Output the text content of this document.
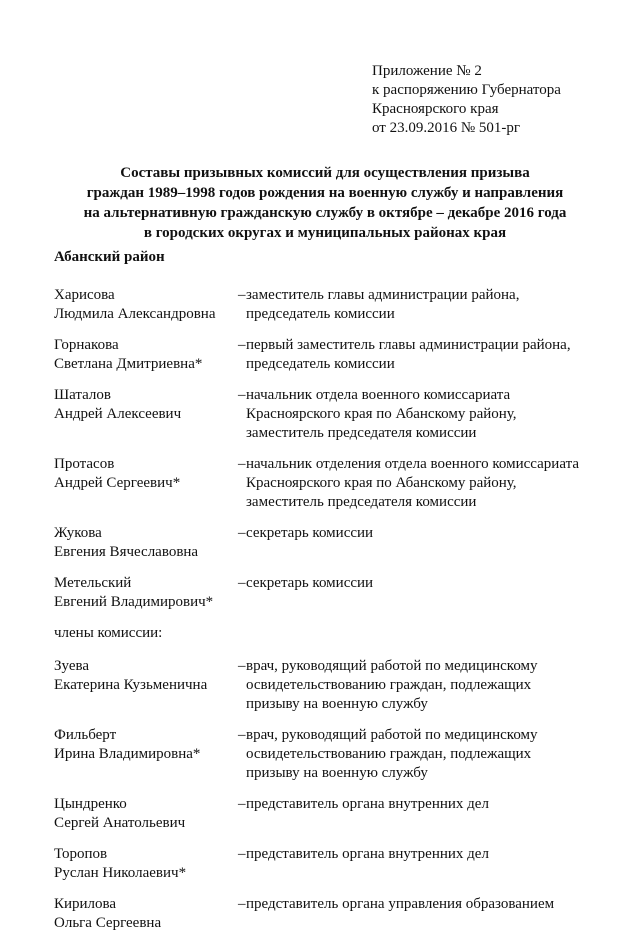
Приложение № 2
к распоряжению Губернатора
Красноярского края
от 23.09.2016 № 501-рг
Составы призывных комиссий для осуществления призыва
граждан 1989–1998 годов рождения на военную службу и направления
на альтернативную гражданскую службу в октябре – декабре 2016 года
в городских округах и муниципальных районах края
Абанский район
Харисова
Людмила Александровна
– заместитель главы администрации района,
председатель комиссии
Горнакова
Светлана Дмитриевна*
– первый заместитель главы администрации района,
председатель комиссии
Шаталов
Андрей Алексеевич
– начальник отдела военного комиссариата
Красноярского края по Абанскому району,
заместитель председателя комиссии
Протасов
Андрей Сергеевич*
– начальник отделения отдела военного комиссариата
Красноярского края по Абанскому району,
заместитель председателя комиссии
Жукова
Евгения Вячеславовна
– секретарь комиссии
Метельский
Евгений Владимирович*
– секретарь комиссии
члены комиссии:
Зуева
Екатерина Кузьменична
– врач, руководящий работой по медицинскому
освидетельствованию граждан, подлежащих
призыву на военную службу
Фильберт
Ирина Владимировна*
– врач, руководящий работой по медицинскому
освидетельствованию граждан, подлежащих
призыву на военную службу
Цындренко
Сергей Анатольевич
– представитель органа внутренних дел
Торопов
Руслан Николаевич*
– представитель органа внутренних дел
Кирилова
Ольга Сергеевна
– представитель органа управления образованием
